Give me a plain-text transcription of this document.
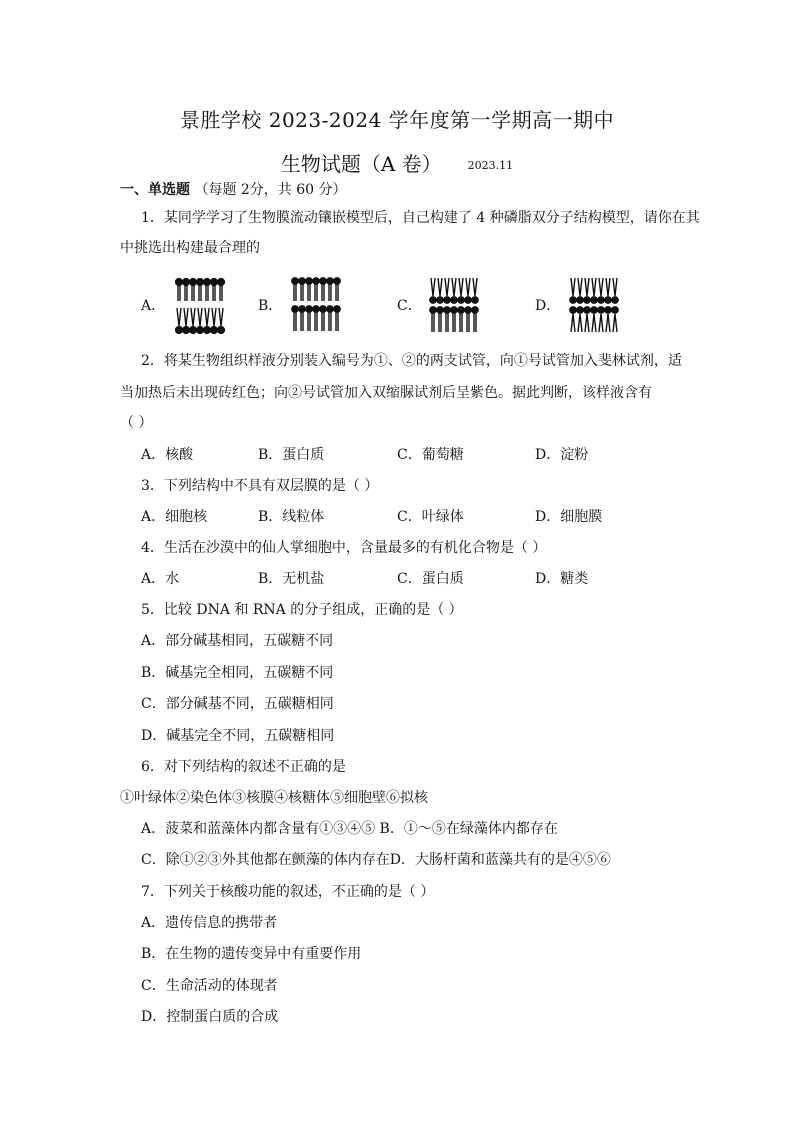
景胜学校 2023-2024 学年度第一学期高一期中
生物试题（A 卷） 2023.11
一、单选题 （每题 2分，共 60 分）
1．某同学学习了生物膜流动镶嵌模型后，自己构建了 4 种磷脂双分子结构模型，请你在其
中挑选出构建最合理的
A．	B．	C．	D．
2．将某生物组织样液分别装入编号为①、②的两支试管，向①号试管加入斐林试剂，适
当加热后未出现砖红色；向②号试管加入双缩脲试剂后呈紫色。据此判断，该样液含有
（ ）
A．核酸	B．蛋白质	C．葡萄糖	D．淀粉
3．下列结构中不具有双层膜的是（ ）
A．细胞核	B．线粒体	C．叶绿体	D．细胞膜
4．生活在沙漠中的仙人掌细胞中，含量最多的有机化合物是（ ）
A．水	B．无机盐	C．蛋白质	D．糖类
5．比较 DNA 和 RNA 的分子组成，正确的是（ ）
A．部分碱基相同，五碳糖不同
B．碱基完全相同，五碳糖不同
C．部分碱基不同，五碳糖相同
D．碱基完全不同，五碳糖相同
6．对下列结构的叙述不正确的是
①叶绿体②染色体③核膜④核糖体⑤细胞壁⑥拟核
A．菠菜和蓝藻体内都含量有①③④⑤ B．①～⑤在绿藻体内都存在
C．除①②③外其他都在颤藻的体内存在D．大肠杆菌和蓝藻共有的是④⑤⑥
7．下列关于核酸功能的叙述，不正确的是（ ）
A．遗传信息的携带者
B．在生物的遗传变异中有重要作用
C．生命活动的体现者
D．控制蛋白质的合成
